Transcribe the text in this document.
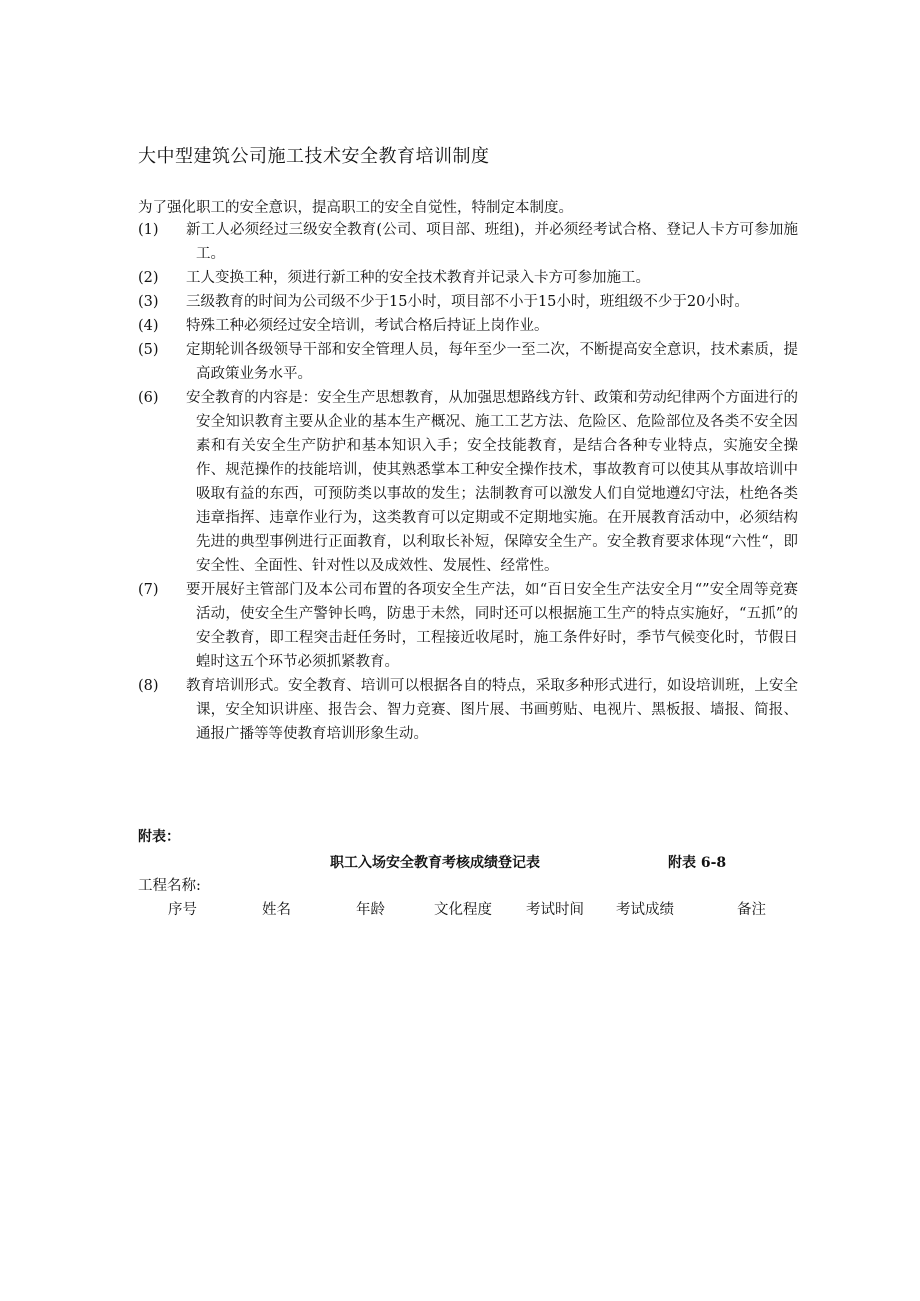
大中型建筑公司施工技术安全教育培训制度
为了强化职工的安全意识，提高职工的安全自觉性，特制定本制度。
(1)	新工人必须经过三级安全教育(公司、项目部、班组)，并必须经考试合格、登记人卡方可参加施工。
(2)	工人变换工种，须进行新工种的安全技术教育并记录入卡方可参加施工。
(3)	三级教育的时间为公司级不少于15小时，项目部不小于15小时，班组级不少于20小时。
(4)	特殊工种必须经过安全培训，考试合格后持证上岗作业。
(5)	定期轮训各级领导干部和安全管理人员，每年至少一至二次，不断提高安全意识，技术素质，提高政策业务水平。
(6)	安全教育的内容是：安全生产思想教育，从加强思想路线方针、政策和劳动纪律两个方面进行的安全知识教育主要从企业的基本生产概况、施工工艺方法、危险区、危险部位及各类不安全因素和有关安全生产防护和基本知识入手；安全技能教育，是结合各种专业特点，实施安全操作、规范操作的技能培训，使其熟悉掌本工种安全操作技术，事故教育可以使其从事故培训中吸取有益的东西，可预防类以事故的发生；法制教育可以激发人们自觉地遵幻守法，杜绝各类违章指挥、违章作业行为，这类教育可以定期或不定期地实施。在开展教育活动中，必须结构先进的典型事例进行正面教育，以利取长补短，保障安全生产。安全教育要求体现“六性“，即安全性、全面性、针对性以及成效性、发展性、经常性。
(7)	要开展好主管部门及本公司布置的各项安全生产法，如“百日安全生产法安全月“”安全周等竞赛活动，使安全生产警钟长鸣，防患于未然，同时还可以根据施工生产的特点实施好，“五抓”的安全教育，即工程突击赶任务时，工程接近收尾时，施工条件好时，季节气候变化时，节假日蝗时这五个环节必须抓紧教育。
(8)	教育培训形式。安全教育、培训可以根据各自的特点，采取多种形式进行，如设培训班，上安全课，安全知识讲座、报告会、智力竞赛、图片展、书画剪贴、电视片、黑板报、墙报、简报、通报广播等等使教育培训形象生动。
附表：
职工入场安全教育考核成绩登记表	附表 6-8
工程名称:
序号	姓名	年龄	文化程度 考试时间 考试成绩	备注
